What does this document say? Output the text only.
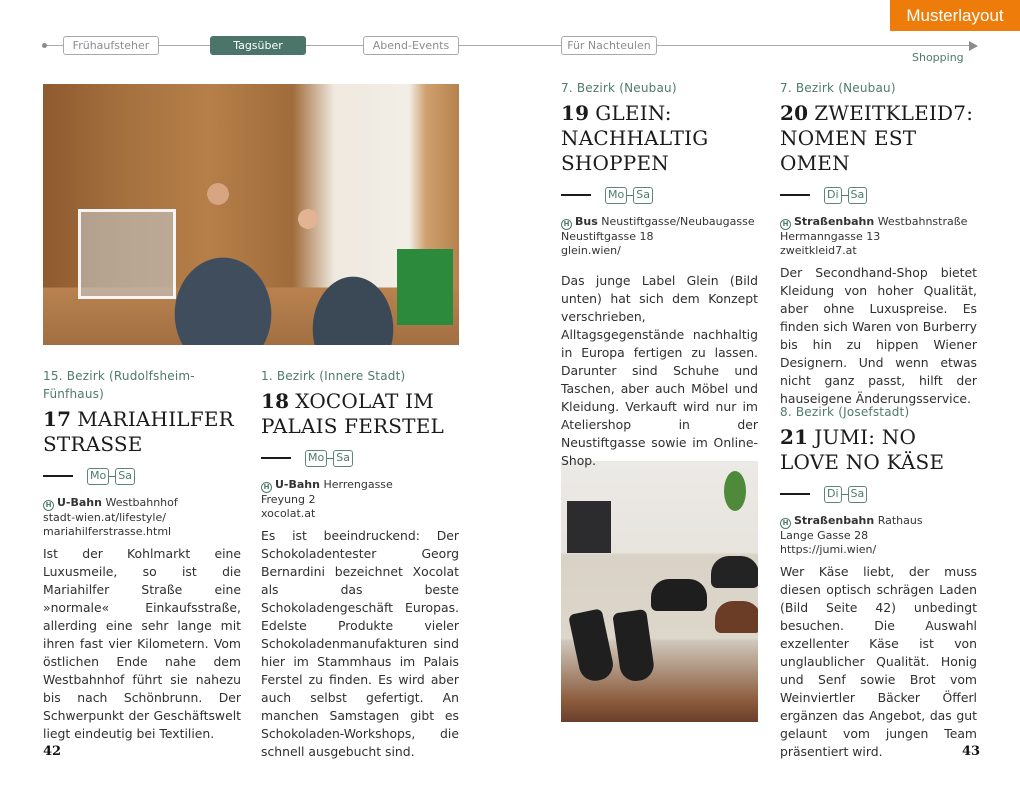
Musterlayout
Frühaufsteher	Tagsüber	Abend-Events	Für Nachteulen
Shopping
15. Bezirk (Rudolfsheim-Fünfhaus)
17 MARIAHILFER STRASSE
Mo Sa
H U-Bahn Westbahnhof
stadt-wien.at/lifestyle/ mariahilferstrasse.html
Ist der Kohlmarkt eine Luxusmeile, so ist die Mariahilfer Straße eine »normale« Einkaufsstraße, allerding eine sehr lange mit ihren fast vier Kilometern. Vom östlichen Ende nahe dem Westbahnhof führt sie nahezu bis nach Schönbrunn. Der Schwerpunkt der Geschäftswelt liegt eindeutig bei Textilien.
1. Bezirk (Innere Stadt)
18 XOCOLAT IM PALAIS FERSTEL
Mo Sa
H U-Bahn Herrengasse
Freyung 2
xocolat.at
Es ist beeindruckend: Der Schokoladentester Georg Bernardini bezeichnet Xocolat als das beste Schokoladengeschäft Europas. Edelste Produkte vieler Schokoladenmanufakturen sind hier im Stammhaus im Palais Ferstel zu finden. Es wird aber auch selbst gefertigt. An manchen Samstagen gibt es Schokoladen-Workshops, die schnell ausgebucht sind.
7. Bezirk (Neubau)
19 GLEIN: NACHHALTIG SHOPPEN
Mo Sa
H Bus Neustiftgasse/Neubaugasse
Neustiftgasse 18
glein.wien/
Das junge Label Glein (Bild unten) hat sich dem Konzept verschrieben, Alltagsgegenstände nachhaltig in Europa fertigen zu lassen. Darunter sind Schuhe und Taschen, aber auch Möbel und Kleidung. Verkauft wird nur im Ateliershop in der Neustiftgasse sowie im Online-Shop.
7. Bezirk (Neubau)
20 ZWEITKLEID7: NOMEN EST OMEN
Di Sa
H Straßenbahn Westbahnstraße
Hermanngasse 13
zweitkleid7.at
Der Secondhand-Shop bietet Kleidung von hoher Qualität, aber ohne Luxuspreise. Es finden sich Waren von Burberry bis hin zu hippen Wiener Designern. Und wenn etwas nicht ganz passt, hilft der hauseigene Änderungsservice.
8. Bezirk (Josefstadt)
21 JUMI: NO LOVE NO KÄSE
Di Sa
H Straßenbahn Rathaus
Lange Gasse 28
https://jumi.wien/
Wer Käse liebt, der muss diesen optisch schrägen Laden (Bild Seite 42) unbedingt besuchen. Die Auswahl exzellenter Käse ist von unglaublicher Qualität. Honig und Senf sowie Brot vom Weinviertler Bäcker Öfferl ergänzen das Angebot, das gut gelaunt vom jungen Team präsentiert wird.
42	43
